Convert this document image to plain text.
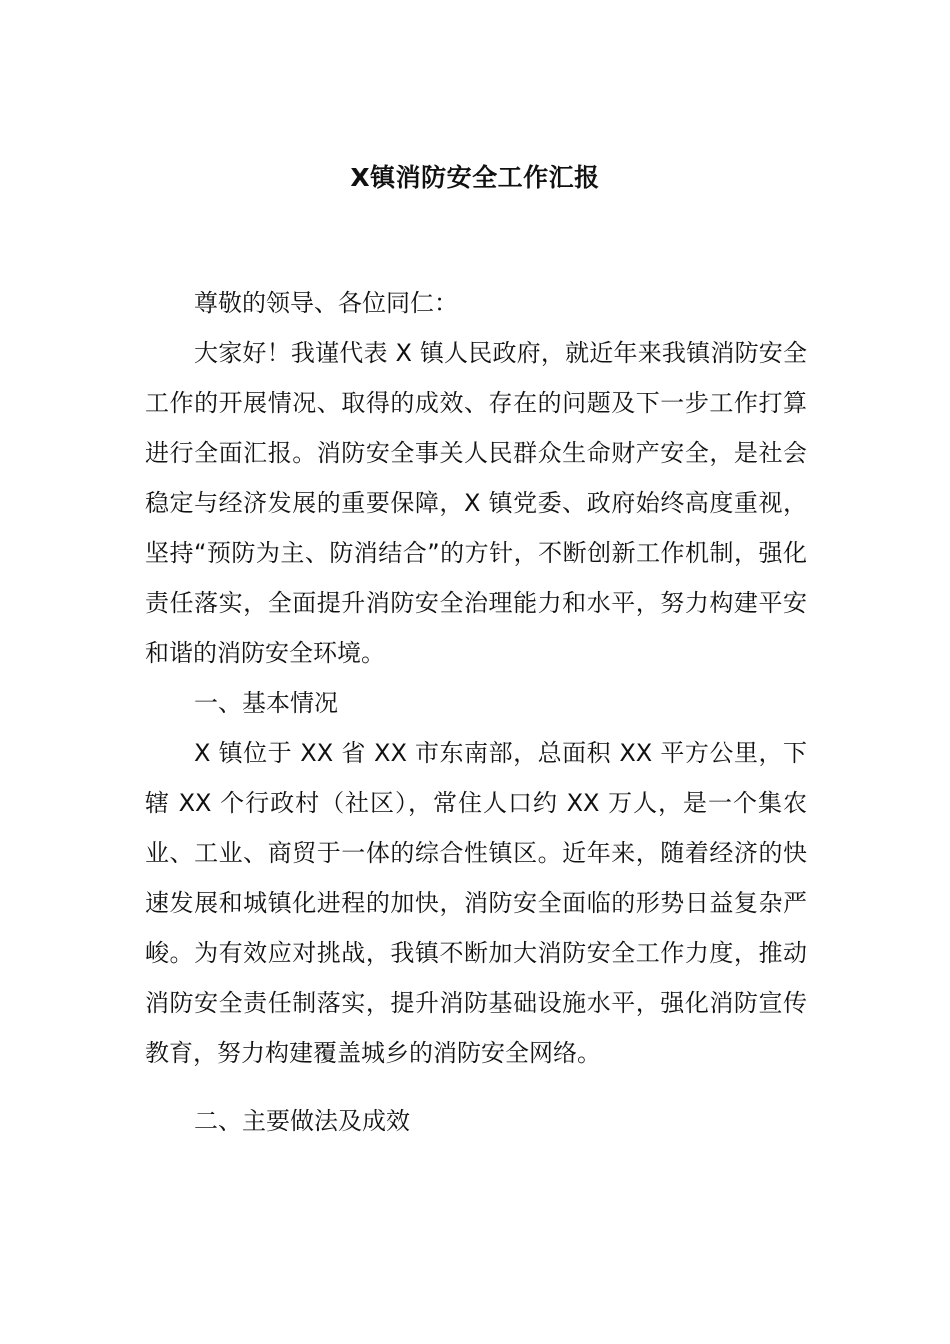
X镇消防安全工作汇报

尊敬的领导、各位同仁：

大家好！我谨代表 X 镇人民政府，就近年来我镇消防安全工作的开展情况、取得的成效、存在的问题及下一步工作打算进行全面汇报。消防安全事关人民群众生命财产安全，是社会稳定与经济发展的重要保障，X 镇党委、政府始终高度重视，坚持“预防为主、防消结合”的方针，不断创新工作机制，强化责任落实，全面提升消防安全治理能力和水平，努力构建平安和谐的消防安全环境。

一、基本情况

X 镇位于 XX 省 XX 市东南部，总面积 XX 平方公里，下辖 XX 个行政村（社区），常住人口约 XX 万人，是一个集农业、工业、商贸于一体的综合性镇区。近年来，随着经济的快速发展和城镇化进程的加快，消防安全面临的形势日益复杂严峻。为有效应对挑战，我镇不断加大消防安全工作力度，推动消防安全责任制落实，提升消防基础设施水平，强化消防宣传教育，努力构建覆盖城乡的消防安全网络。

二、主要做法及成效
